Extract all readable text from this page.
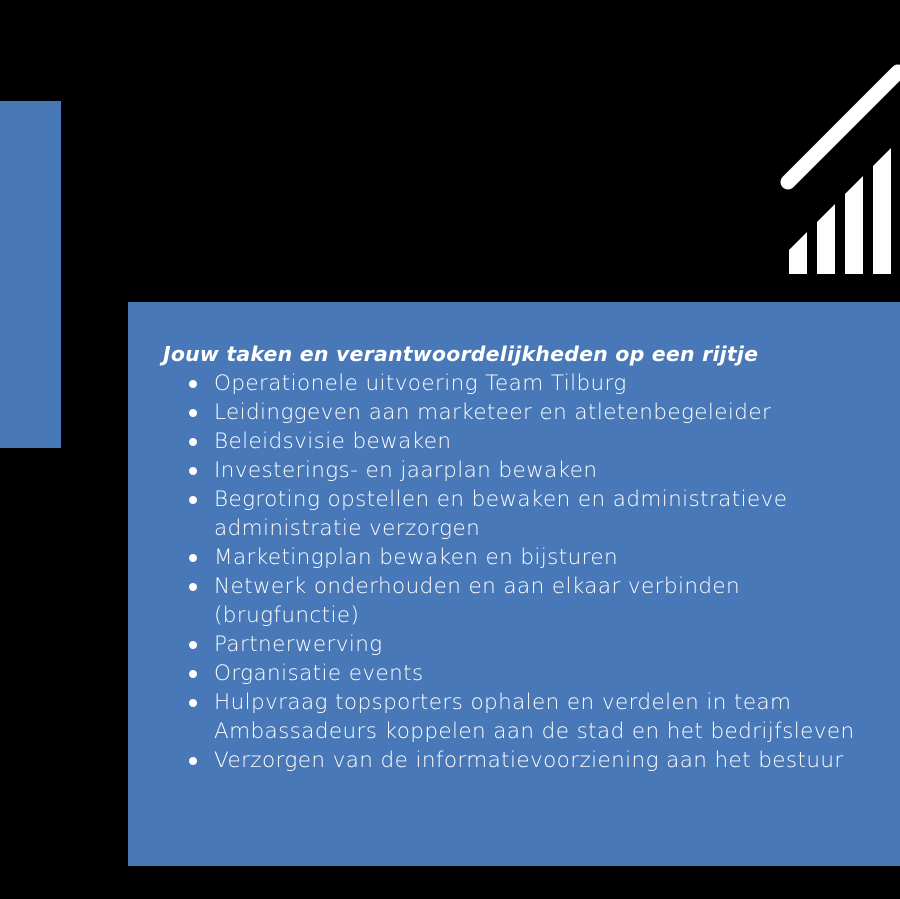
Jouw taken en verantwoordelijkheden op een rijtje
Operationele uitvoering Team Tilburg
Leidinggeven aan marketeer en atletenbegeleider
Beleidsvisie bewaken
Investerings- en jaarplan bewaken
Begroting opstellen en bewaken en administratieve administratie verzorgen
Marketingplan bewaken en bijsturen
Netwerk onderhouden en aan elkaar verbinden (brugfunctie)
Partnerwerving
Organisatie events
Hulpvraag topsporters ophalen en verdelen in team Ambassadeurs koppelen aan de stad en het bedrijfsleven
Verzorgen van de informatievoorziening aan het bestuur
